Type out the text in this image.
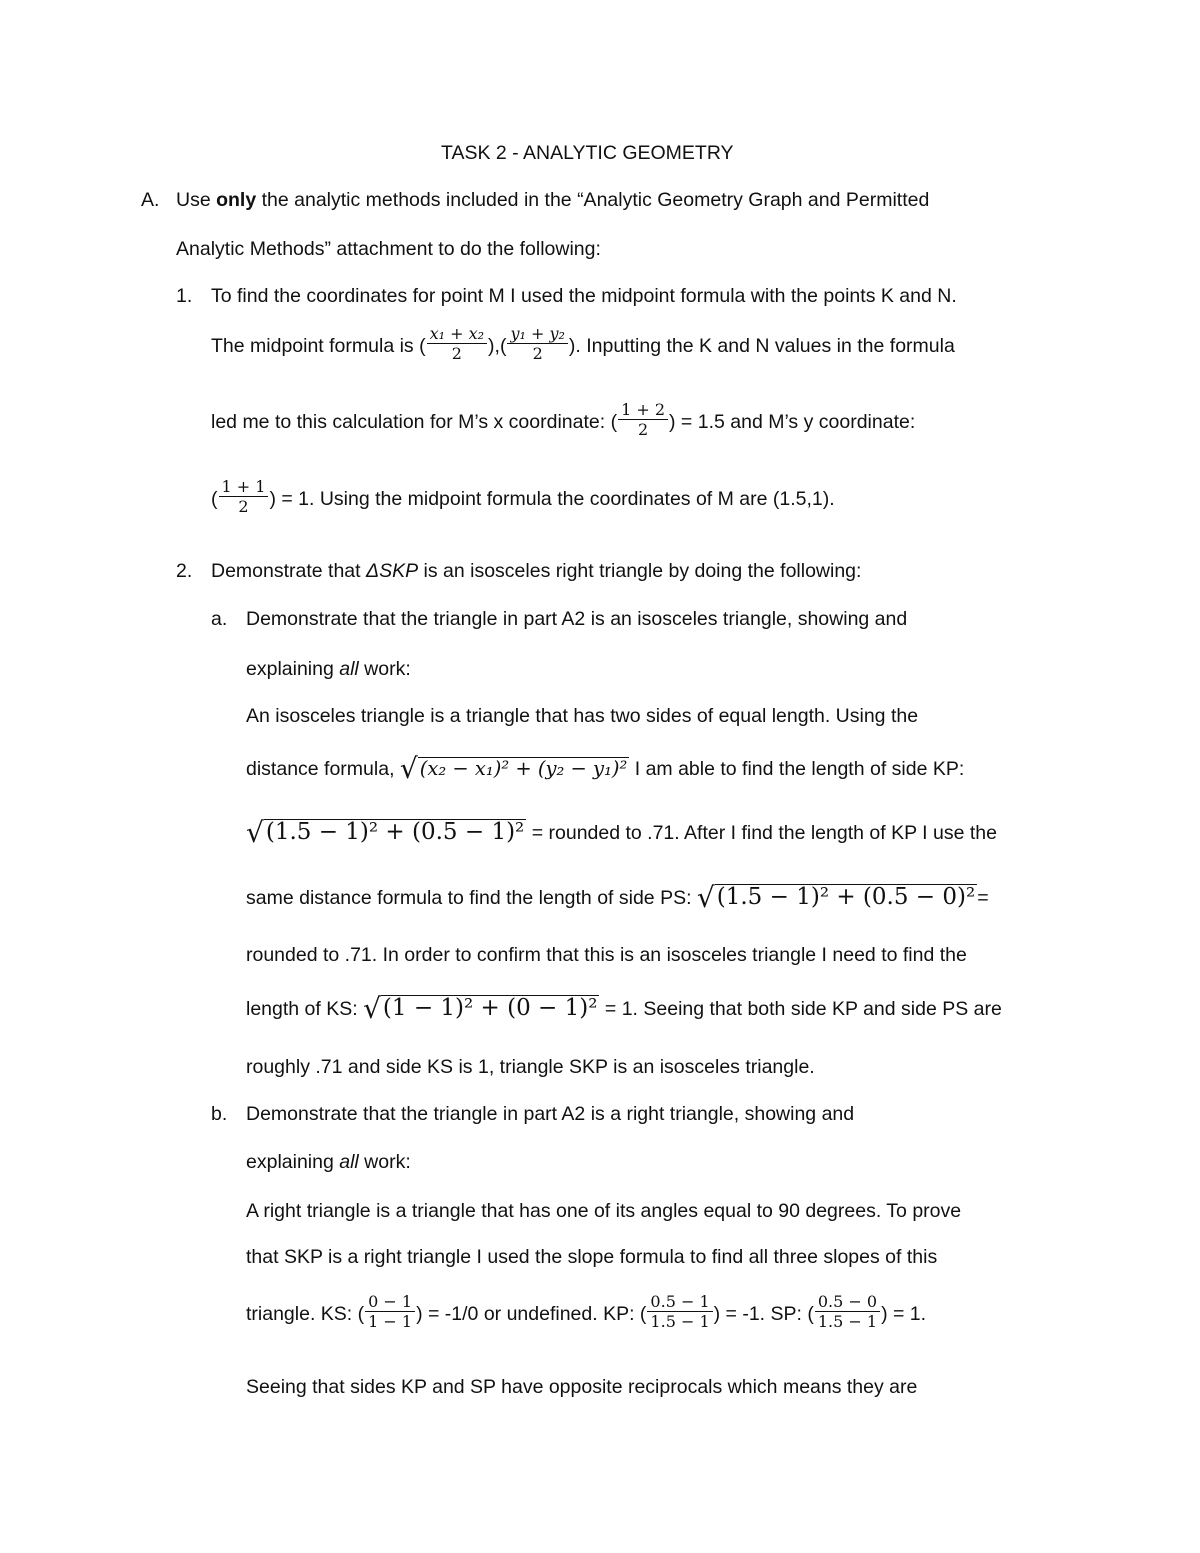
TASK 2 - ANALYTIC GEOMETRY
A. Use only the analytic methods included in the “Analytic Geometry Graph and Permitted
Analytic Methods” attachment to do the following:
1. To find the coordinates for point M I used the midpoint formula with the points K and N.
The midpoint formula is ( $\frac{\text{x₁ + x₂}}{2}$ ),( $\frac{\text{y₁ + y₂}}{2}$ ). Inputting the K and N values in the formula
led me to this calculation for M’s x coordinate: ( $\frac{1 + 2}{2}$ ) = 1.5 and M’s y coordinate:
( $\frac{1 + 1}{2}$ ) = 1. Using the midpoint formula the coordinates of M are (1.5,1).
2. Demonstrate that ΔSKP is an isosceles right triangle by doing the following:
a. Demonstrate that the triangle in part A2 is an isosceles triangle, showing and
explaining all work:
An isosceles triangle is a triangle that has two sides of equal length. Using the
distance formula, √ (x₂ − x₁)² + (y₂ − y₁)² I am able to find the length of side KP:
√(1.5 − 1)² + (0.5 − 1)² = rounded to .71. After I find the length of KP I use the
same distance formula to find the length of side PS: √(1.5 − 1)² + (0.5 − 0)² =
rounded to .71. In order to confirm that this is an isosceles triangle I need to find the
length of KS: √(1 − 1)² + (0 − 1)² = 1. Seeing that both side KP and side PS are
roughly .71 and side KS is 1, triangle SKP is an isosceles triangle.
b. Demonstrate that the triangle in part A2 is a right triangle, showing and
explaining all work:
A right triangle is a triangle that has one of its angles equal to 90 degrees. To prove
that SKP is a right triangle I used the slope formula to find all three slopes of this
triangle. KS: ( $\frac{0 - 1}{1 - 1}$ ) = -1/0 or undefined. KP: ( $\frac{0.5 - 1}{1.5 - 1}$ ) = -1. SP: ( $\frac{0.5 - 0}{1.5 - 1}$ ) = 1.
Seeing that sides KP and SP have opposite reciprocals which means they are
